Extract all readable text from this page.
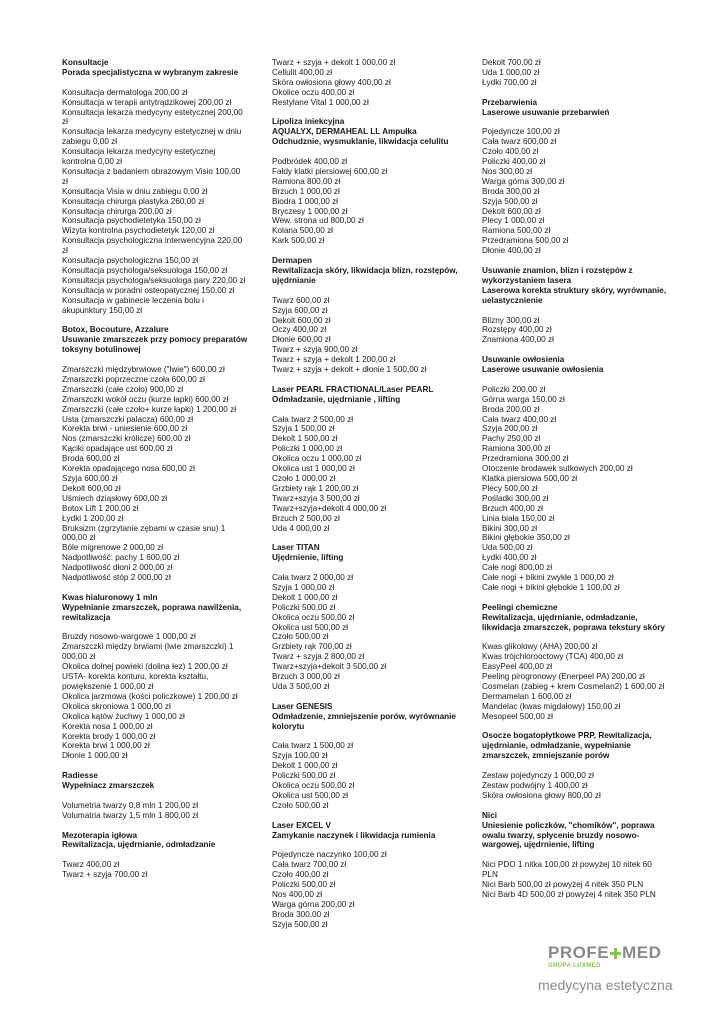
Konsultacje
Porada specjalistyczna w wybranym zakresie
Konsultacja dermatologa 200,00 zł
Konsultacja w terapii antytrądzikowej 200,00 zł
Konsultacja lekarza medycyny estetycznej 200,00 zł
Konsultacja lekarza medycyny estetycznej w dniu zabiegu 0,00 zł
Konsultacja lekarza medycyny estetycznej kontrolna 0,00 zł
Konsultacja z badaniem obrazowym Visio 100,00 zł
Konsultacja Visia w dniu zabiegu 0,00 zł
Konsultacja chirurga plastyka 260,00 zł
Konsultacja chirurga 200,00 zł
Konsultacja psychodietetyka 150,00 zł
Wizyta kontrolna psychodietetyk 120,00 zł
Konsultacja psychologiczna interwencyjna 220,00 zł
Konsultacja psychologiczna 150,00 zł
Konsultacja psychologa/seksuologa 150,00 zł
Konsultacja psychologa/seksuologa pary 220,00 zł
Konsultacja w poradni osteopatycznej 150,00 zł
Konsultacja w gabinecie leczenia bolu i akupunktury 150,00 zł
Botox, Bocouture, Azzalure
Usuwanie zmarszczek przy pomocy preparatów toksyny botulinowej
Zmarszczki międzybrwiowe ("lwie") 600,00 zł
Zmarszczki poprzeczne czoła 600,00 zł
Zmarszczki (całe czoło) 900,00 zł
Zmarszczki wokół oczu (kurze łapki) 600,00 zł
Zmarszczki (całe czoło+ kurze łapki) 1 200,00 zł
Usta (zmarszczki palacza) 600,00 zł
Korekta brwi - uniesienie 600,00 zł
Nos (zmarszczki królicze) 600,00 zł
Kąciki opadające ust 600,00 zł
Broda 600,00 zł
Korekta opadającego nosa 600,00 zł
Szyja 600,00 zł
Dekolt 600,00 zł
Uśmiech dziąsłowy 600,00 zł
Botox Lift 1 200,00 zł
Łydki 1 200,00 zł
Bruksizm (zgrzytanie zębami w czasie snu) 1 000,00 zł
Bóle migrenowe 2 000,00 zł
Nadpotliwość: pachy 1 600,00 zł
Nadpotliwość dłoni 2 000,00 zł
Nadpotliwość stóp 2 000,00 zł
Kwas hialuronowy 1 mln
Wypełnianie zmarszczek, poprawa nawilżenia, rewitalizacja
Bruzdy nosowo-wargowe 1 000,00 zł
Zmarszczki między brwiami (lwie zmarszczki) 1 000,00 zł
Okolica dolnej powieki (dolina łez) 1 200,00 zł
USTA- korekta konturu, korekta kształtu, powiększenie 1 000,00 zł
Okolica jarzmowa (kości policzkowe) 1 200,00 zł
Okolica skroniowa 1 000,00 zł
Okolica kątów żuchwy 1 000,00 zł
Korekta nosa 1 000,00 zł
Korekta brody 1 000,00 zł
Korekta brwi 1 000,00 zł
Dłonie 1 000,00 zł
Radiesse
Wypełniacz zmarszczek
Volumetria twarzy 0,8 mln 1 200,00 zł
Volumatria twarzy 1,5 mln 1 800,00 zł
Mezoterapia igłowa
Rewitalizacja, ujędrnianie, odmładzanie
Twarz 400,00 zł
Twarz + szyja 700,00 zł
Twarz + szyja + dekolt 1 000,00 zł
Cellulit 400,00 zł
Skóra owłosiona głowy 400,00 zł
Okolice oczu 400,00 zł
Restylane Vital 1 000,00 zł
Lipoliza iniekcyjna
AQUALYX, DERMAHEAL LL Ampułka
Odchudznie, wysmuklanie, likwidacja celulitu
Podbródek 400,00 zł
Fałdy klatki piersiowej 600,00 zł
Ramiona 800,00 zł
Brzuch 1 000,00 zł
Biodra 1 000,00 zł
Bryczesy 1 000,00 zł
Wew. strona ud 800,00 zł
Kolana 500,00 zł
Kark 500,00 zł
Dermapen
Rewitalizacja skóry, likwidacja blizn, rozstępów, ujędrnianie
Twarz 600,00 zł
Szyja 600,00 zł
Dekolt 600,00 zł
Oczy 400,00 zł
Dłonie 600,00 zł
Twarz + szyja 900,00 zł
Twarz + szyja + dekolt 1 200,00 zł
Twarz + szyja + dekolt + dłonie 1 500,00 zł
Laser PEARL FRACTIONAL/Laser PEARL
Odmładzanie, ujędrnianie , lifting
Cała twarz 2 500,00 zł
Szyja 1 500,00 zł
Dekolt 1 500,00 zł
Policzki 1 000,00 zł
Okolica oczu 1 000,00 zł
Okolica ust 1 000,00 zł
Czoło 1 000,00 zł
Grzbiety rąk 1 200,00 zł
Twarz+szyja 3 500,00 zł
Twarz+szyja+dekolt 4 000,00 zł
Brzuch 2 500,00 zł
Uda 4 000,00 zł
Laser TITAN
Ujędrnienie, lifting
Cała twarz 2 000,00 zł
Szyja 1 000,00 zł
Dekolt 1 000,00 zł
Policzki 500,00 zł
Okolica oczu 500,00 zł
Okolica ust 500,00 zł
Czoło 500,00 zł
Grzbiety rąk 700,00 zł
Twarz + szyja 2 800,00 zł
Twarz+szyja+dekolt 3 500,00 zł
Brzuch 3 000,00 zł
Uda 3 500,00 zł
Laser GENESIS
Odmładzenie, zmniejszenie porów, wyrównanie kolorytu
Cała twarz 1 500,00 zł
Szyja 100,00 zł
Dekolt 1 000,00 zł
Policzki 500,00 zł
Okolica oczu 500,00 zł
Okolica ust 500,00 zł
Czoło 500,00 zł
Laser EXCEL V
Zamykanie naczynek i likwidacja rumienia
Pojedyncze naczynko 100,00 zł
Cała twarz 700,00 zł
Czoło 400,00 zł
Policzki 500,00 zł
Nos 400,00 zł
Warga górna 200,00 zł
Broda 300,00 zł
Szyja 500,00 zł
Dekolt 700,00 zł
Uda 1 000,00 zł
Łydki 700,00 zł
Przebarwienia
Laserowe usuwanie przebarwień
Pojedyncze 100,00 zł
Cała twarz 600,00 zł
Czoło 400,00 zł
Policzki 400,00 zł
Nos 300,00 zł
Warga górna 300,00 zł
Broda 300,00 zł
Szyja 500,00 zł
Dekolt 600,00 zł
Plecy 1 000,00 zł
Ramiona 500,00 zł
Przedramiona 500,00 zł
Dłonie 400,00 zł
Usuwanie znamion, blizn i rozstępów z wykorzystaniem lasera
Laserowa korekta struktury skóry, wyrównanie, uelastycznienie
Blizny 300,00 zł
Rozstępy 400,00 zł
Znamiona 400,00 zł
Usuwanie owłosienia
Laserowe usuwanie owłosienia
Policzki 200,00 zł
Górna warga 150,00 zł
Broda 200,00 zł
Cała twarz 400,00 zł
Szyja 200,00 zł
Pachy 250,00 zł
Ramiona 300,00 zł
Przedramiona 300,00 zł
Otoczenie brodawek sutkowych 200,00 zł
Klatka piersiowa 500,00 zł
Plecy 500,00 zł
Pośladki 300,00 zł
Brzuch 400,00 zł
Linia biała 150,00 zł
Bikini 300,00 zł
Bikini głębokie 350,00 zł
Uda 500,00 zł
Łydki 400,00 zł
Całe nogi 800,00 zł
Całe nogi + bikini zwykłe 1 000,00 zł
Całe nogi + bikini głębokie 1 100,00 zł
Peelingi chemiczne
Rewitalizacja, ujędrnianie, odmładzanie, likwidacja zmarszczek, poprawa tekstury skóry
Kwas glikolowy (AHA) 200,00 zł
Kwas trójchlorooctowy (TCA) 400,00 zł
EasyPeel 400,00 zł
Peeling pirogronowy (Enerpeel PA) 200,00 zł
Cosmelan (zabieg + krem Cosmelan2) 1 600,00 zł
Dermamelan 1 600,00 zł
Mandelac (kwas migdałowy) 150,00 zł
Mesopeel 500,00 zł
Osocze bogatopłytkowe PRP, Rewitalizacja, ujędrnianie, odmładzanie, wypełnianie zmarszczek, zmniejszanie porów
Zestaw pojedynczy 1 000,00 zł
Zestaw podwójny 1 400,00 zł
Skóra owłosiona głowy 800,00 zł
Nici
Uniesienie policzków, "chomików", poprawa owalu twarzy, spłycenie bruzdy nosowo-wargowej, ujędrnienie, lifting
Nici PDO 1 nitka 100,00 zł powyżej 10 nitek 60 PLN
Nici Barb 500,00 zł powyżej 4 nitek 350 PLN
Nici Barb 4D 500,00 zł powyżej 4 nitek 350 PLN
PROFE MED
GRUPA LUXMED
medycyna estetyczna
